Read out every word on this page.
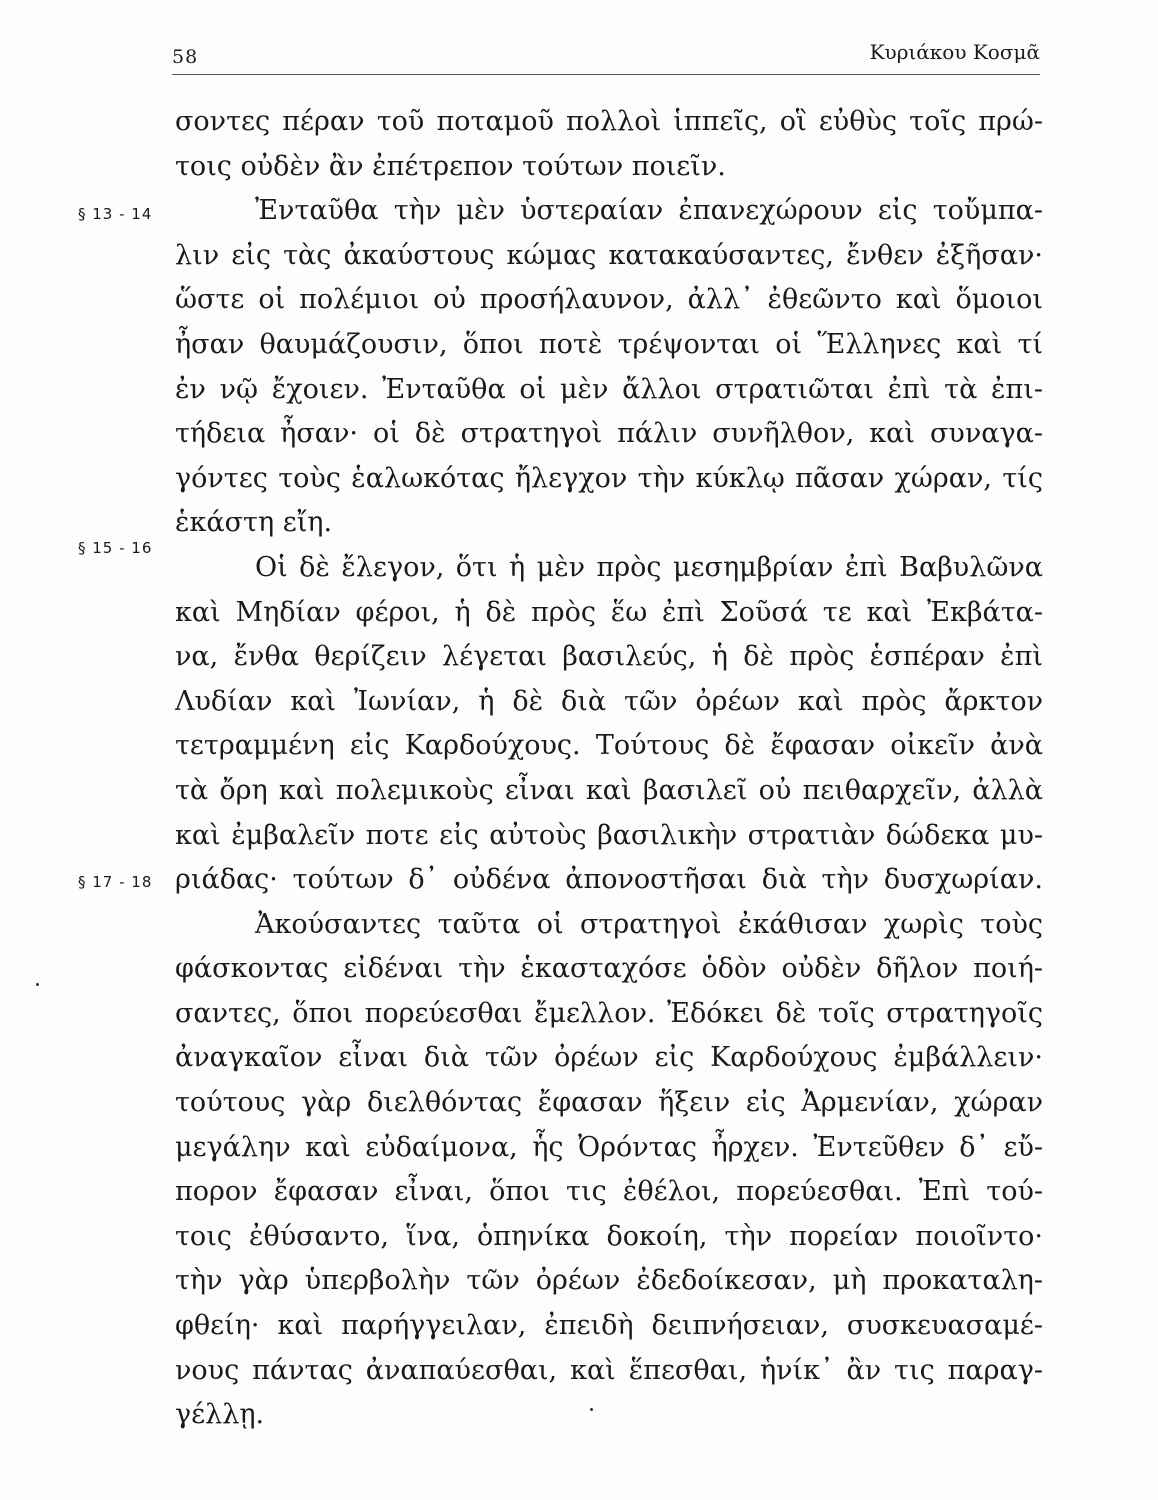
58	Κυριάκου Κοσμᾶ
§ 13 - 14
§ 15 - 16
§ 17 - 18
σοντες πέραν τοῦ ποταμοῦ πολλοὶ ἱππεῖς, οἳ εὐθὺς τοῖς πρώ-
τοις οὐδὲν ἂν ἐπέτρεπον τούτων ποιεῖν.
Ἐνταῦθα τὴν μὲν ὑστεραίαν ἐπανεχώρουν εἰς τοὔμπα-
λιν εἰς τὰς ἀκαύστους κώμας κατακαύσαντες, ἔνθεν ἐξῆσαν·
ὥστε οἱ πολέμιοι οὐ προσήλαυνον, ἀλλ᾽ ἐθεῶντο καὶ ὅμοιοι
ἦσαν θαυμάζουσιν, ὅποι ποτὲ τρέψονται οἱ Ἕλληνες καὶ τί
ἐν νῷ ἔχοιεν. Ἐνταῦθα οἱ μὲν ἄλλοι στρατιῶται ἐπὶ τὰ ἐπι-
τήδεια ἦσαν· οἱ δὲ στρατηγοὶ πάλιν συνῆλθον, καὶ συναγα-
γόντες τοὺς ἑαλωκότας ἤλεγχον τὴν κύκλῳ πᾶσαν χώραν, τίς
ἑκάστη εἴη.
Οἱ δὲ ἔλεγον, ὅτι ἡ μὲν πρὸς μεσημβρίαν ἐπὶ Βαβυλῶνα
καὶ Μηδίαν φέροι, ἡ δὲ πρὸς ἕω ἐπὶ Σοῦσά τε καὶ Ἐκβάτα-
να, ἔνθα θερίζειν λέγεται βασιλεύς, ἡ δὲ πρὸς ἑσπέραν ἐπὶ
Λυδίαν καὶ Ἰωνίαν, ἡ δὲ διὰ τῶν ὀρέων καὶ πρὸς ἄρκτον
τετραμμένη εἰς Καρδούχους. Τούτους δὲ ἔφασαν οἰκεῖν ἀνὰ
τὰ ὄρη καὶ πολεμικοὺς εἶναι καὶ βασιλεῖ οὐ πειθαρχεῖν, ἀλλὰ
καὶ ἐμβαλεῖν ποτε εἰς αὐτοὺς βασιλικὴν στρατιὰν δώδεκα μυ-
ριάδας· τούτων δ᾽ οὐδένα ἀπονοστῆσαι διὰ τὴν δυσχωρίαν.
Ἀκούσαντες ταῦτα οἱ στρατηγοὶ ἐκάθισαν χωρὶς τοὺς
φάσκοντας εἰδέναι τὴν ἑκασταχόσε ὁδὸν οὐδὲν δῆλον ποιή-
σαντες, ὅποι πορεύεσθαι ἔμελλον. Ἐδόκει δὲ τοῖς στρατηγοῖς
ἀναγκαῖον εἶναι διὰ τῶν ὀρέων εἰς Καρδούχους ἐμβάλλειν·
τούτους γὰρ διελθόντας ἔφασαν ἥξειν εἰς Ἀρμενίαν, χώραν
μεγάλην καὶ εὐδαίμονα, ἧς Ὀρόντας ἦρχεν. Ἐντεῦθεν δ᾽ εὔ-
πορον ἔφασαν εἶναι, ὅποι τις ἐθέλοι, πορεύεσθαι. Ἐπὶ τού-
τοις ἐθύσαντο, ἵνα, ὁπηνίκα δοκοίη, τὴν πορείαν ποιοῖντο·
τὴν γὰρ ὑπερβολὴν τῶν ὀρέων ἐδεδοίκεσαν, μὴ προκαταλη-
φθείη· καὶ παρήγγειλαν, ἐπειδὴ δειπνήσειαν, συσκευασαμέ-
νους πάντας ἀναπαύεσθαι, καὶ ἕπεσθαι, ἡνίκ᾽ ἂν τις παραγ-
γέλλῃ.
